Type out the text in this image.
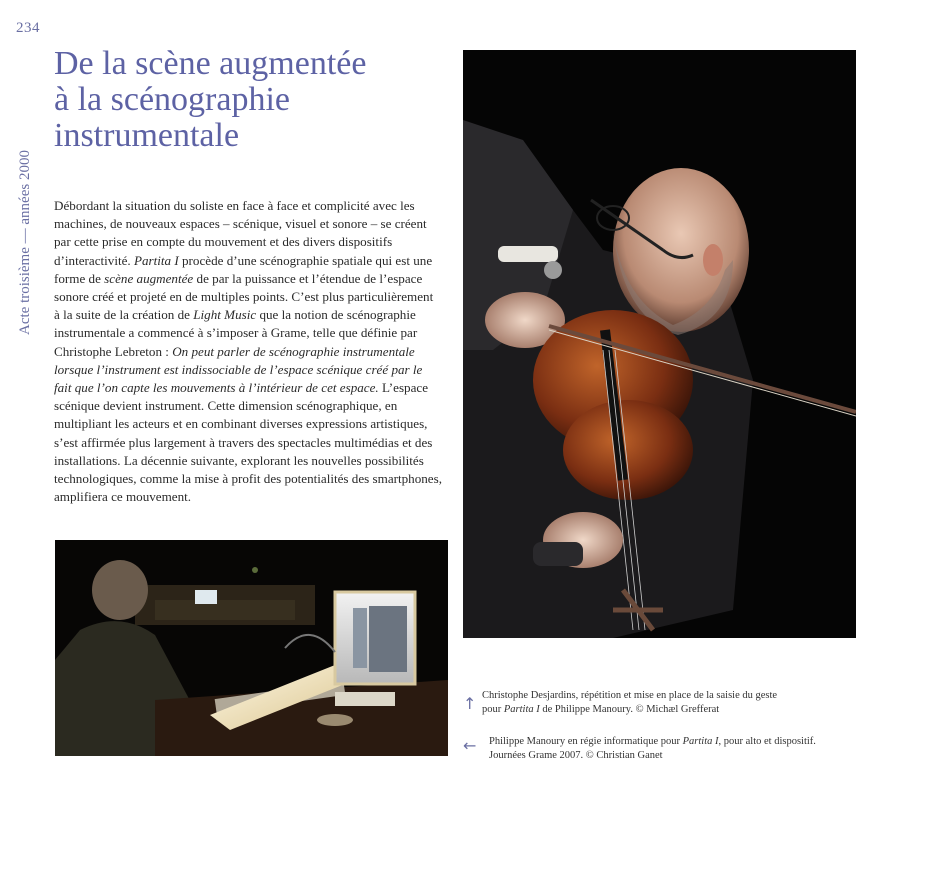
234
Acte troisième — années 2000
De la scène augmentée
à la scénographie
instrumentale
Débordant la situation du soliste en face à face et complicité avec les machines, de nouveaux espaces – scénique, visuel et sonore – se créent par cette prise en compte du mouvement et des divers dispositifs d’interactivité. Partita I procède d’une scénographie spatiale qui est une forme de scène augmentée de par la puissance et l’étendue de l’espace sonore créé et projeté en de multiples points. C’est plus particulièrement à la suite de la création de Light Music que la notion de scénographie instrumentale a commencé à s’imposer à Grame, telle que définie par Christophe Lebreton : On peut parler de scénographie instrumentale lorsque l’instrument est indissociable de l’espace scénique créé par le fait que l’on capte les mouvements à l’intérieur de cet espace. L’espace scénique devient instrument. Cette dimension scénographique, en multipliant les acteurs et en combinant diverses expressions artistiques, s’est affirmée plus largement à travers des spectacles multimédias et des installations. La décennie suivante, explorant les nouvelles possibilités technologiques, comme la mise à profit des potentialités des smartphones, amplifiera ce mouvement.
↑ Christophe Desjardins, répétition et mise en place de la saisie du geste
pour Partita I de Philippe Manoury. © Michæl Grefferat
← Philippe Manoury en régie informatique pour Partita I, pour alto et dispositif.
Journées Grame 2007. © Christian Ganet
